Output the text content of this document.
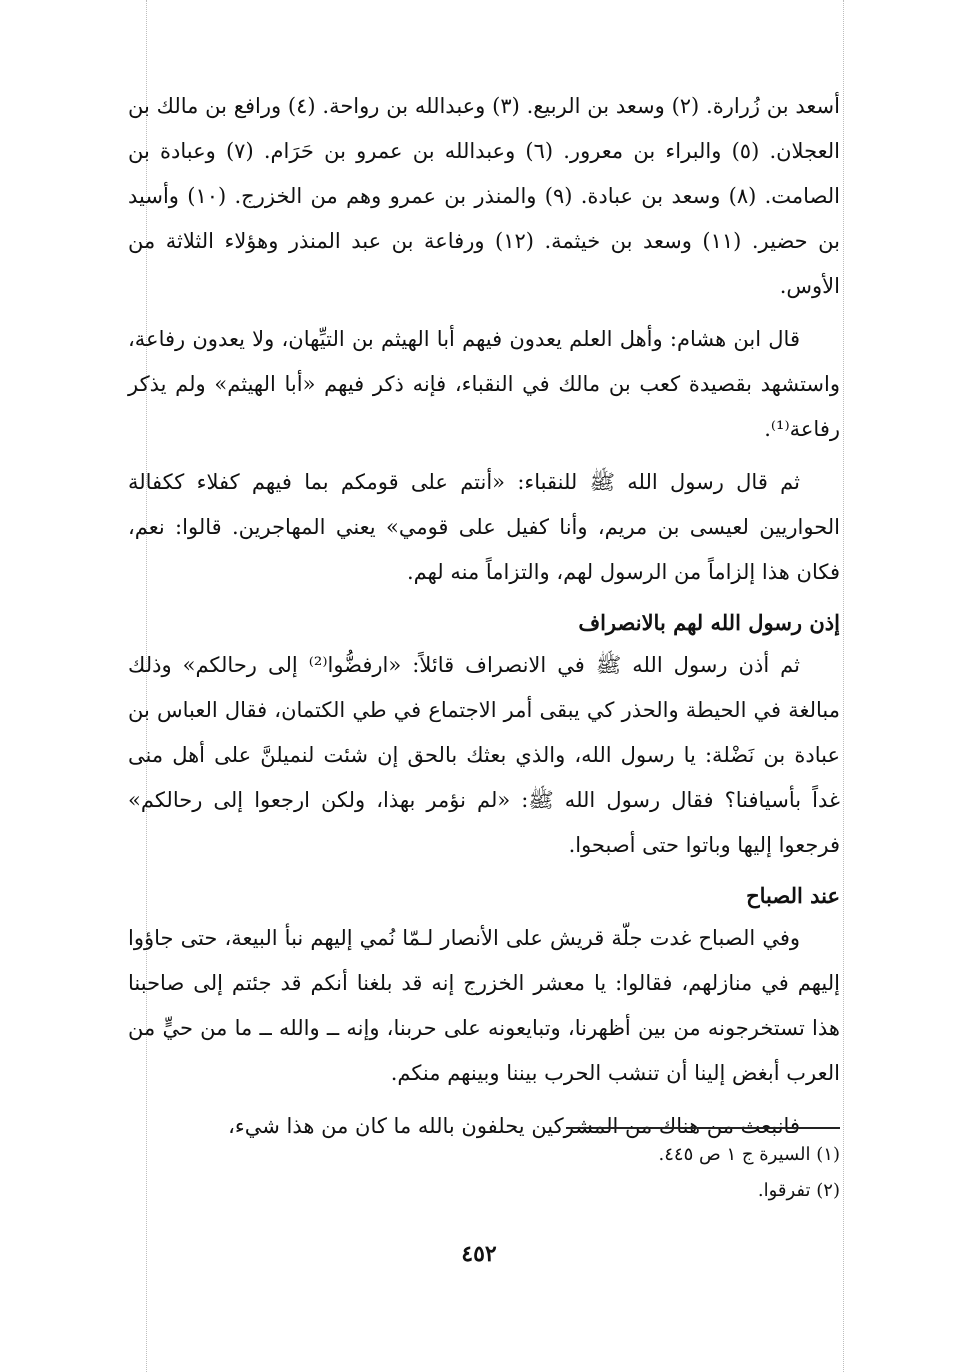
أسعد بن زُرارة. (٢) وسعد بن الربيع. (٣) وعبدالله بن رواحة. (٤) ورافع بن مالك بن العجلان. (٥) والبراء بن معرور. (٦) وعبدالله بن عمرو بن حَرَام. (٧) وعبادة بن الصامت. (٨) وسعد بن عبادة. (٩) والمنذر بن عمرو وهم من الخزرج. (١٠) وأسيد بن حضير. (١١) وسعد بن خيثمة. (١٢) ورفاعة بن عبد المنذر وهؤلاء الثلاثة من الأوس.

قال ابن هشام: وأهل العلم يعدون فيهم أبا الهيثم بن التيِّهان، ولا يعدون رفاعة، واستشهد بقصيدة كعب بن مالك في النقباء، فإنه ذكر فيهم «أبا الهيثم» ولم يذكر رفاعة⁽¹⁾.

ثم قال رسول الله ﷺ للنقباء: «أنتم على قومكم بما فيهم كفلاء ككفالة الحواريين لعيسى بن مريم، وأنا كفيل على قومي» يعني المهاجرين. قالوا: نعم، فكان هذا إلزاماً من الرسول لهم، والتزاماً منه لهم.

إذن رسول الله لهم بالانصراف

ثم أذن رسول الله ﷺ في الانصراف قائلاً: «ارفضُّوا⁽²⁾ إلى رحالكم» وذلك مبالغة في الحيطة والحذر كي يبقى أمر الاجتماع في طي الكتمان، فقال العباس بن عبادة بن نَضْلة: يا رسول الله، والذي بعثك بالحق إن شئت لنميلنَّ على أهل منى غداً بأسيافنا؟ فقال رسول الله ﷺ: «لم نؤمر بهذا، ولكن ارجعوا إلى رحالكم» فرجعوا إليها وباتوا حتى أصبحوا.

عند الصباح

وفي الصباح غدت جلّة قريش على الأنصار لـمّا نُمي إليهم نبأ البيعة، حتى جاؤوا إليهم في منازلهم، فقالوا: يا معشر الخزرج إنه قد بلغنا أنكم قد جئتم إلى صاحبنا هذا تستخرجونه من بين أظهرنا، وتبايعونه على حربنا، وإنه ــ والله ــ ما من حيٍّ من العرب أبغض إلينا أن تنشب الحرب بيننا وبينهم منكم.

فانبعث من هناك من المشركين يحلفون بالله ما كان من هذا شيء،

(١) السيرة ج ١ ص ٤٤٥.

(٢) تفرقوا.

٤٥٢
